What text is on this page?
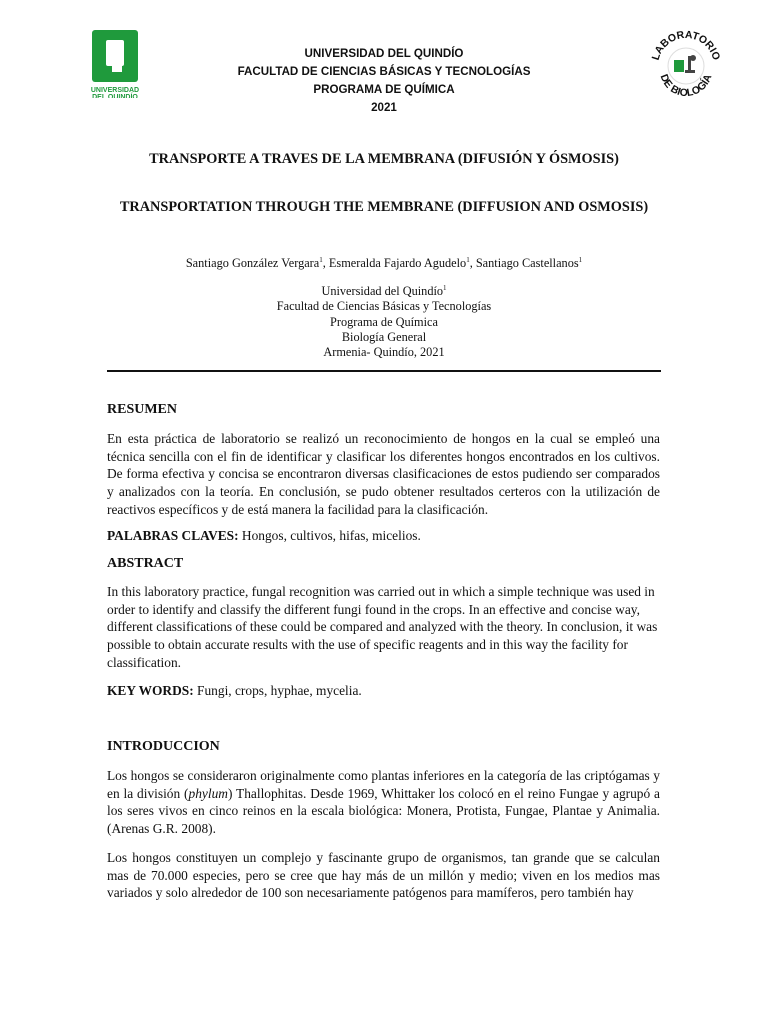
UNIVERSIDAD
DEL QUINDÍO
UNIVERSIDAD DEL QUINDÍO
FACULTAD DE CIENCIAS BÁSICAS Y TECNOLOGÍAS
PROGRAMA DE QUÍMICA
2021
LABORATORIO
DE BIOLOGÍA
TRANSPORTE A TRAVES DE LA MEMBRANA (DIFUSIÓN Y ÓSMOSIS)
TRANSPORTATION THROUGH THE MEMBRANE (DIFFUSION AND OSMOSIS)
Santiago González Vergara$^1$, Esmeralda Fajardo Agudelo$^1$, Santiago Castellanos$^1$
Universidad del Quindío$^1$
Facultad de Ciencias Básicas y Tecnologías
Programa de Química
Biología General
Armenia- Quindío, 2021
RESUMEN
En esta práctica de laboratorio se realizó un reconocimiento de hongos en la cual se empleó una técnica sencilla con el fin de identificar y clasificar los diferentes hongos encontrados en los cultivos. De forma efectiva y concisa se encontraron diversas clasificaciones de estos pudiendo ser comparados y analizados con la teoría. En conclusión, se pudo obtener resultados certeros con la utilización de reactivos específicos y de está manera la facilidad para la clasificación.
PALABRAS CLAVES: Hongos, cultivos, hifas, micelios.
ABSTRACT
In this laboratory practice, fungal recognition was carried out in which a simple technique was used in order to identify and classify the different fungi found in the crops. In an effective and concise way, different classifications of these could be compared and analyzed with the theory. In conclusion, it was possible to obtain accurate results with the use of specific reagents and in this way the facility for classification.
KEY WORDS: Fungi, crops, hyphae, mycelia.
INTRODUCCION
Los hongos se consideraron originalmente como plantas inferiores en la categoría de las criptógamas y en la división (phylum) Thallophitas. Desde 1969, Whittaker los colocó en el reino Fungae y agrupó a los seres vivos en cinco reinos en la escala biológica: Monera, Protista, Fungae, Plantae y Animalia. (Arenas G.R. 2008).
Los hongos constituyen un complejo y fascinante grupo de organismos, tan grande que se calculan mas de 70.000 especies, pero se cree que hay más de un millón y medio; viven en los medios mas variados y solo alrededor de 100 son necesariamente patógenos para mamíferos, pero también hay
